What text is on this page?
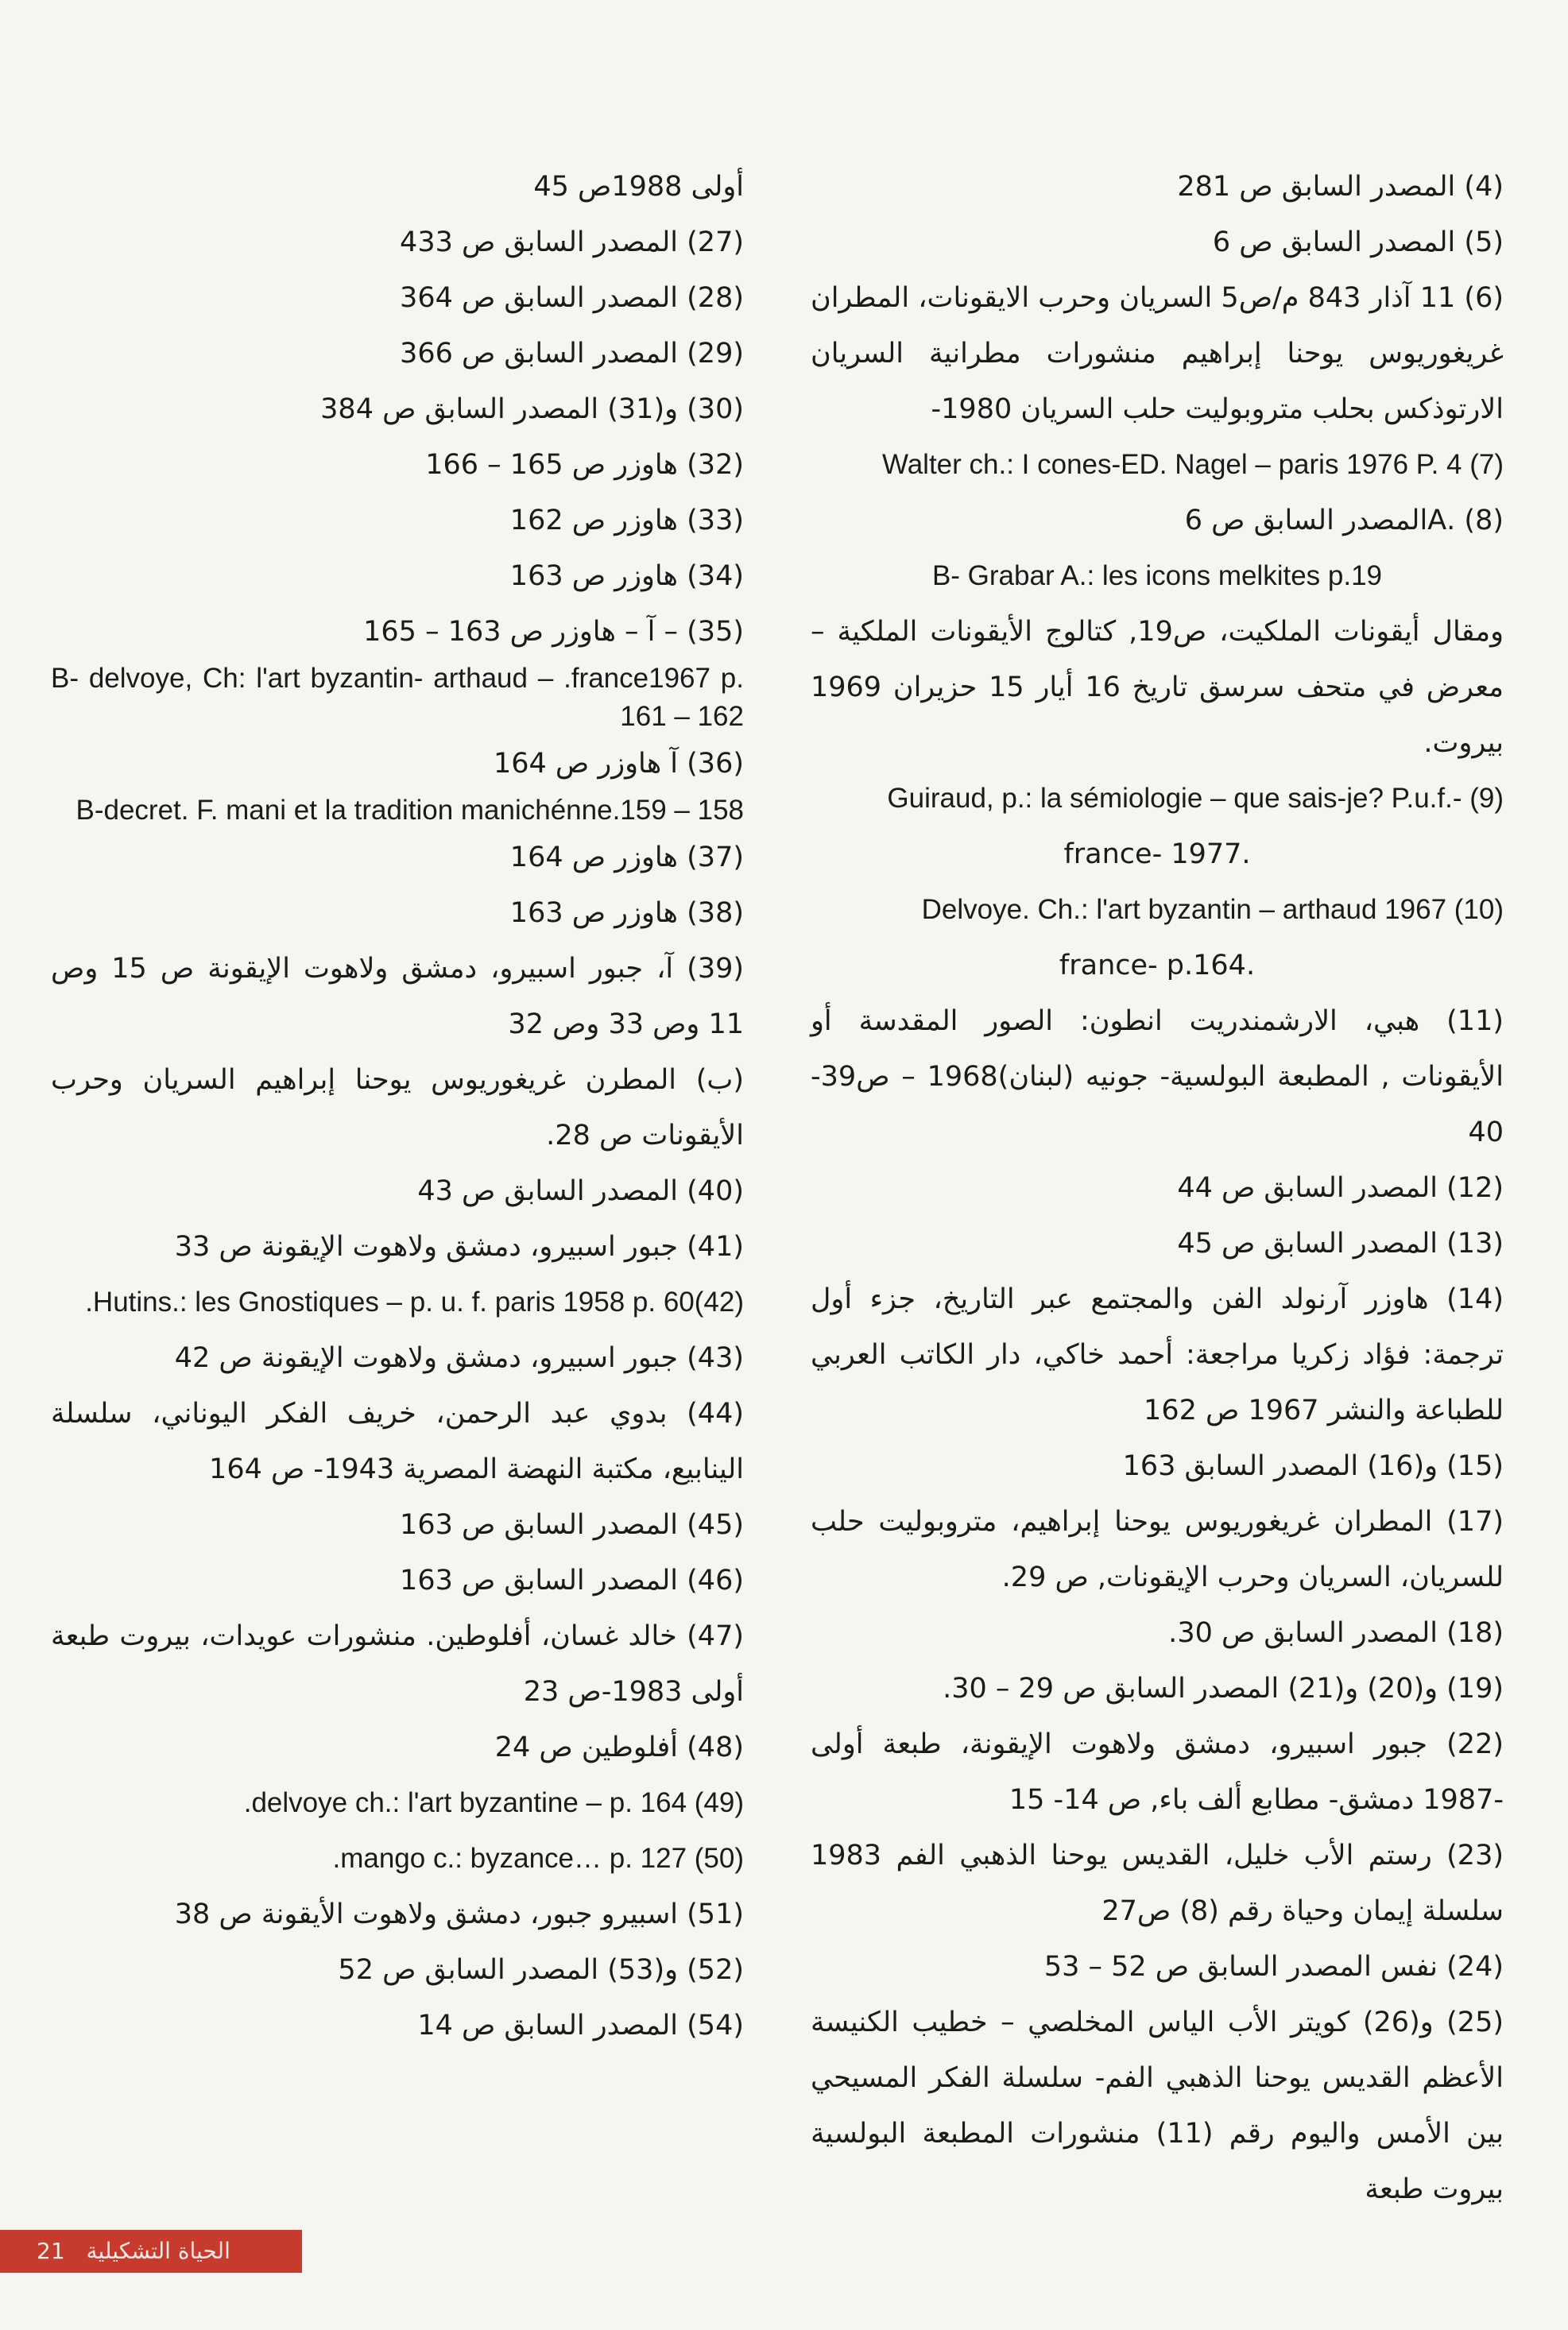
(4) المصدر السابق ص 281
(5) المصدر السابق ص 6
(6) 11 آذار 843 م/ص5 السريان وحرب الايقونات، المطران غريغوريوس يوحنا إبراهيم منشورات مطرانية السريان الارتوذكس بحلب متروبوليت حلب السريان 1980-
Walter ch.: I cones-ED. Nagel – paris 1976 P. 4 (7)
(8) .Aالمصدر السابق ص 6
B- Grabar A.: les icons melkites p.19
ومقال أيقونات الملكيت، ص19, كتالوج الأيقونات الملكية – معرض في متحف سرسق تاريخ 16 أيار 15 حزيران 1969 بيروت.
Guiraud, p.: la sémiologie – que sais-je? P.u.f.- (9)
.france- 1977
Delvoye. Ch.: l'art byzantin – arthaud 1967 (10)
.france- p.164
(11) هبي، الارشمندريت انطون: الصور المقدسة أو الأيقونات , المطبعة البولسية- جونيه (لبنان)1968 – ص39-40
(12) المصدر السابق ص 44
(13) المصدر السابق ص 45
(14) هاوزر آرنولد الفن والمجتمع عبر التاريخ، جزء أول ترجمة: فؤاد زكريا مراجعة: أحمد خاكي، دار الكاتب العربي للطباعة والنشر 1967 ص 162
(15) و(16) المصدر السابق 163
(17) المطران غريغوريوس يوحنا إبراهيم، متروبوليت حلب للسريان، السريان وحرب الإيقونات, ص 29.
(18) المصدر السابق ص 30.
(19) و(20) و(21) المصدر السابق ص 29 – 30.
(22) جبور اسبيرو، دمشق ولاهوت الإيقونة، طبعة أولى -1987 دمشق- مطابع ألف باء, ص 14- 15
(23) رستم الأب خليل، القديس يوحنا الذهبي الفم 1983 سلسلة إيمان وحياة رقم (8) ص27
(24) نفس المصدر السابق ص 52 – 53
(25) و(26) كويتر الأب الياس المخلصي – خطيب الكنيسة الأعظم القديس يوحنا الذهبي الفم- سلسلة الفكر المسيحي بين الأمس واليوم رقم (11) منشورات المطبعة البولسية بيروت طبعة
أولى 1988ص 45
(27) المصدر السابق ص 433
(28) المصدر السابق ص 364
(29) المصدر السابق ص 366
(30) و(31) المصدر السابق ص 384
(32) هاوزر ص 165 – 166
(33) هاوزر ص 162
(34) هاوزر ص 163
(35) – آ – هاوزر ص 163 – 165
B- delvoye, Ch: l'art byzantin- arthaud – .france1967 p. 161 – 162
(36) آ هاوزر ص 164
B-decret. F. mani et la tradition manichénne.159 – 158
(37) هاوزر ص 164
(38) هاوزر ص 163
(39) آ، جبور اسبيرو، دمشق ولاهوت الإيقونة ص 15 وص 11 وص 33 وص 32
(ب) المطرن غريغوريوس يوحنا إبراهيم السريان وحرب الأيقونات ص 28.
(40) المصدر السابق ص 43
(41) جبور اسبيرو، دمشق ولاهوت الإيقونة ص 33
.Hutins.: les Gnostiques – p. u. f. paris 1958 p. 60(42)
(43) جبور اسبيرو، دمشق ولاهوت الإيقونة ص 42
(44) بدوي عبد الرحمن، خريف الفكر اليوناني، سلسلة الينابيع، مكتبة النهضة المصرية 1943- ص 164
(45) المصدر السابق ص 163
(46) المصدر السابق ص 163
(47) خالد غسان، أفلوطين. منشورات عويدات، بيروت طبعة أولى 1983-ص 23
(48) أفلوطين ص 24
.delvoye ch.: l'art byzantine – p. 164 (49)
.mango c.: byzance… p. 127 (50)
(51) اسبيرو جبور، دمشق ولاهوت الأيقونة ص 38
(52) و(53) المصدر السابق ص 52
(54) المصدر السابق ص 14
الحياة التشكيلية 21
